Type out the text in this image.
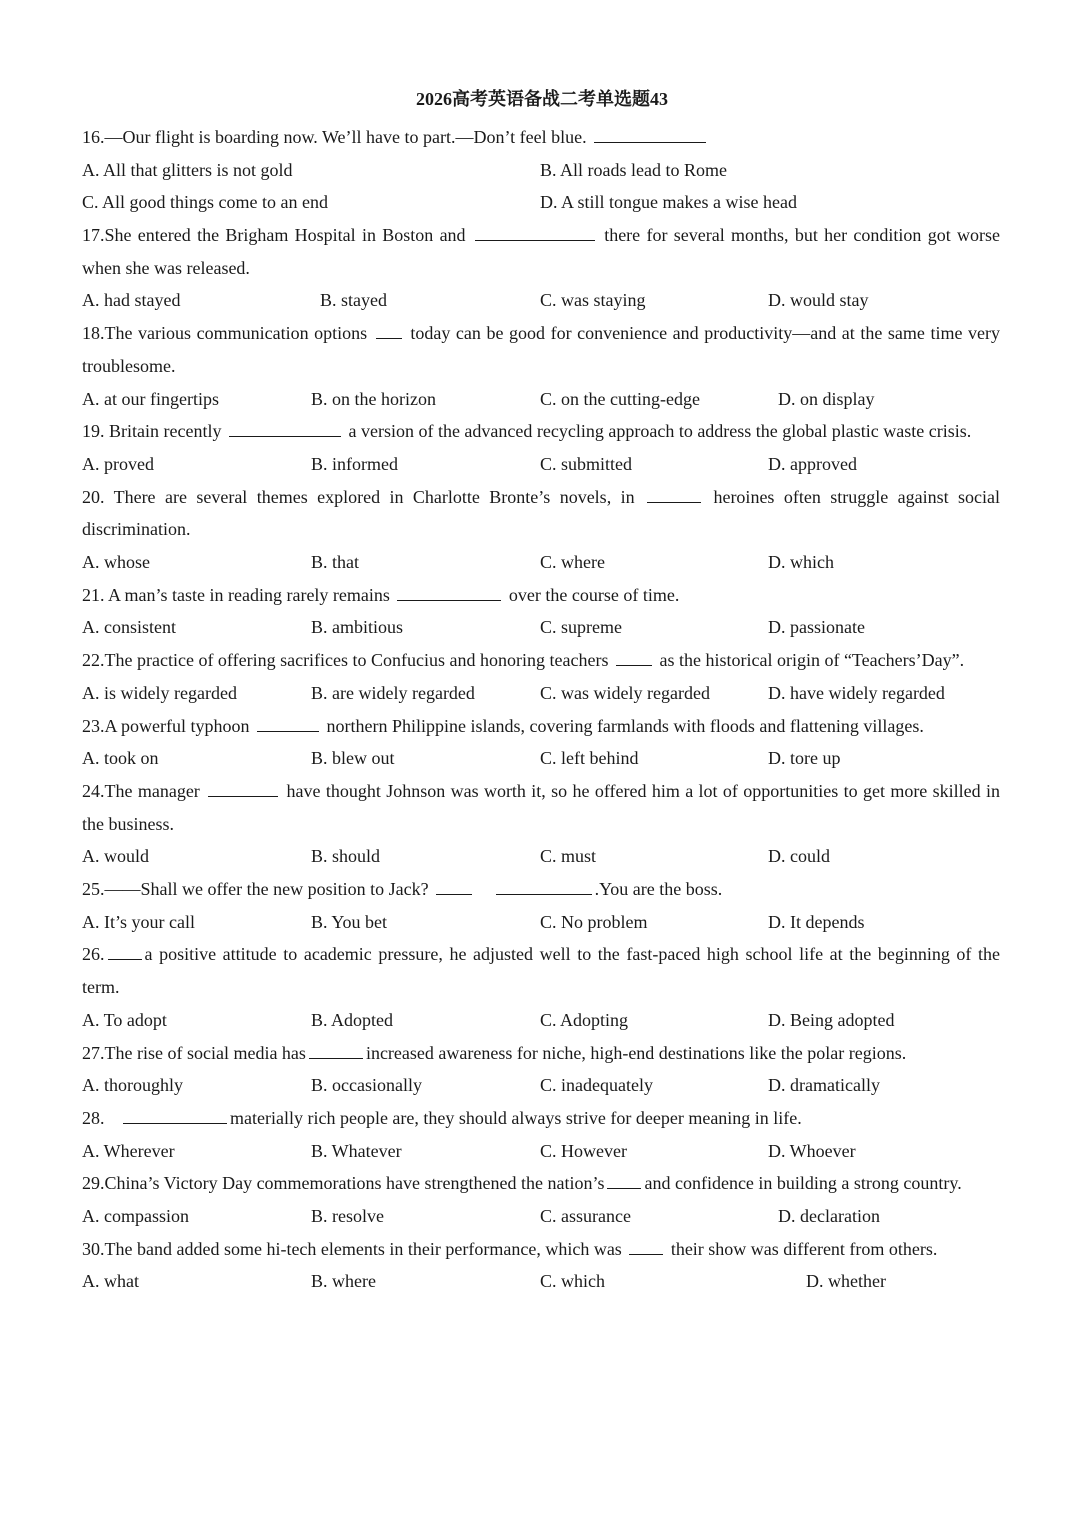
2026高考英语备战二考单选题43
16.—Our flight is boarding now. We’ll have to part.—Don’t feel blue.
A. All that glitters is not gold	B. All roads lead to Rome
C. All good things come to an end	D. A still tongue makes a wise head
17.She entered the Brigham Hospital in Boston and	there for several months, but her condition got worse when she was released.
A. had stayed	B. stayed	C. was staying	D. would stay
18.The various communication options today can be good for convenience and productivity—and at the same time very troublesome.
A. at our fingertips	B. on the horizon	C. on the cutting-edge	D. on display
19. Britain recently	a version of the advanced recycling approach to address the global plastic waste crisis.
A. proved	B. informed	C. submitted	D. approved
20. There are several themes explored in Charlotte Bronte’s novels, in	heroines often struggle against social discrimination.
A. whose	B. that	C. where	D. which
21. A man’s taste in reading rarely remains	over the course of time.
A. consistent	B. ambitious	C. supreme	D. passionate
22.The practice of offering sacrifices to Confucius and honoring teachers	as the historical origin of “Teachers’Day”.
A. is widely regarded	B. are widely regarded	C. was widely regarded	D. have widely regarded
23.A powerful typhoon	northern Philippine islands, covering farmlands with floods and flattening villages.
A. took on	B. blew out	C. left behind	D. tore up
24.The manager	have thought Johnson was worth it, so he offered him a lot of opportunities to get more skilled in the business.
A. would	B. should	C. must	D. could
25.——Shall we offer the new position to Jack?	.You are the boss.
A. It’s your call	B. You bet	C. No problem	D. It depends
26. a positive attitude to academic pressure, he adjusted well to the fast-paced high school life at the beginning of the term.
A. To adopt	B. Adopted	C. Adopting	D. Being adopted
27.The rise of social media has	increased awareness for niche, high-end destinations like the polar regions.
A. thoroughly	B. occasionally	C. inadequately	D. dramatically
28.	materially rich people are, they should always strive for deeper meaning in life.
A. Wherever	B. Whatever	C. However	D. Whoever
29.China’s Victory Day commemorations have strengthened the nation’s and confidence in building a strong country.
A. compassion	B. resolve	C. assurance	D. declaration
30.The band added some hi-tech elements in their performance, which was	their show was different from others.
A. what	B. where	C. which	D. whether
